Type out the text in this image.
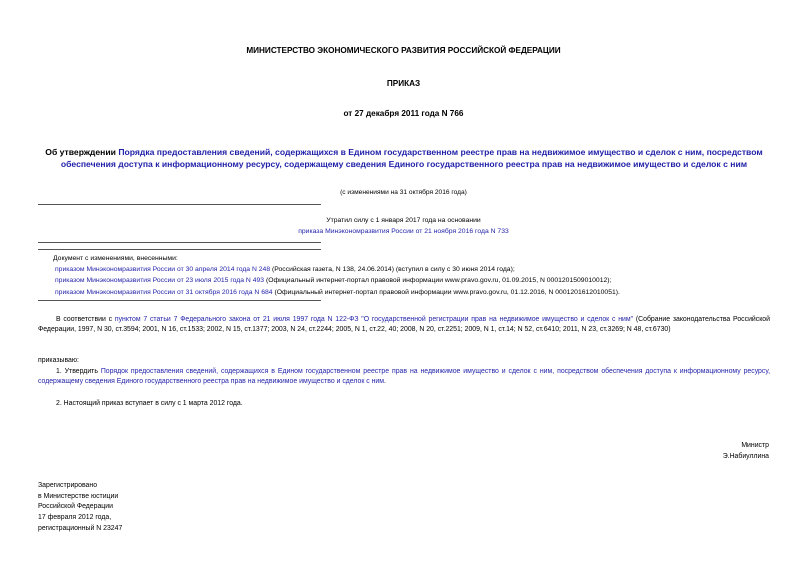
МИНИСТЕРСТВО ЭКОНОМИЧЕСКОГО РАЗВИТИЯ РОССИЙСКОЙ ФЕДЕРАЦИИ
ПРИКАЗ
от 27 декабря 2011 года N 766
Об утверждении Порядка предоставления сведений, содержащихся в Едином государственном реестре прав на недвижимое имущество и сделок с ним, посредством обеспечения доступа к информационному ресурсу, содержащему сведения Единого государственного реестра прав на недвижимое имущество и сделок с ним
(с изменениями на 31 октября 2016 года)
Утратил силу с 1 января 2017 года на основании
приказа Минэкономразвития России от 21 ноября 2016 года N 733
Документ с изменениями, внесенными:
приказом Минэкономразвития России от 30 апреля 2014 года N 248 (Российская газета, N 138, 24.06.2014) (вступил в силу с 30 июня 2014 года);
приказом Минэкономразвития России от 23 июля 2015 года N 493 (Официальный интернет-портал правовой информации www.pravo.gov.ru, 01.09.2015, N 0001201509010012);
приказом Минэкономразвития России от 31 октября 2016 года N 684 (Официальный интернет-портал правовой информации www.pravo.gov.ru, 01.12.2016, N 0001201612010051).
В соответствии с пунктом 7 статьи 7 Федерального закона от 21 июля 1997 года N 122-ФЗ "О государственной регистрации прав на недвижимое имущество и сделок с ним" (Собрание законодательства Российской Федерации, 1997, N 30, ст.3594; 2001, N 16, ст.1533; 2002, N 15, ст.1377; 2003, N 24, ст.2244; 2005, N 1, ст.22, 40; 2008, N 20, ст.2251; 2009, N 1, ст.14; N 52, ст.6410; 2011, N 23, ст.3269; N 48, ст.6730)
приказываю:
1. Утвердить Порядок предоставления сведений, содержащихся в Едином государственном реестре прав на недвижимое имущество и сделок с ним, посредством обеспечения доступа к информационному ресурсу, содержащему сведения Единого государственного реестра прав на недвижимое имущество и сделок с ним.
2. Настоящий приказ вступает в силу с 1 марта 2012 года.
Министр
Э.Набиуллина
Зарегистрировано
в Министерстве юстиции
Российской Федерации
17 февраля 2012 года,
регистрационный N 23247
